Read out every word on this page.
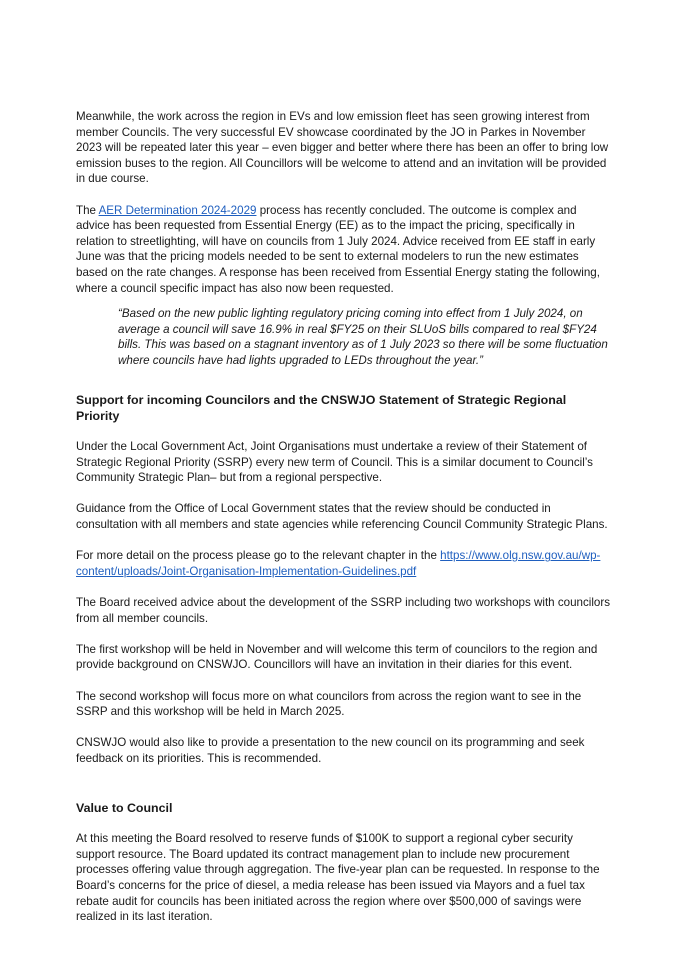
Meanwhile, the work across the region in EVs and low emission fleet has seen growing interest from member Councils. The very successful EV showcase coordinated by the JO in Parkes in November 2023 will be repeated later this year – even bigger and better where there has been an offer to bring low emission buses to the region. All Councillors will be welcome to attend and an invitation will be provided in due course.

The AER Determination 2024-2029 process has recently concluded. The outcome is complex and advice has been requested from Essential Energy (EE) as to the impact the pricing, specifically in relation to streetlighting, will have on councils from 1 July 2024. Advice received from EE staff in early June was that the pricing models needed to be sent to external modelers to run the new estimates based on the rate changes. A response has been received from Essential Energy stating the following, where a council specific impact has also now been requested.

“Based on the new public lighting regulatory pricing coming into effect from 1 July 2024, on average a council will save 16.9% in real $FY25 on their SLUoS bills compared to real $FY24 bills. This was based on a stagnant inventory as of 1 July 2023 so there will be some fluctuation where councils have had lights upgraded to LEDs throughout the year.”

Support for incoming Councilors and the CNSWJO Statement of Strategic Regional Priority

Under the Local Government Act, Joint Organisations must undertake a review of their Statement of Strategic Regional Priority (SSRP) every new term of Council. This is a similar document to Council’s Community Strategic Plan– but from a regional perspective.

Guidance from the Office of Local Government states that the review should be conducted in consultation with all members and state agencies while referencing Council Community Strategic Plans.

For more detail on the process please go to the relevant chapter in the https://www.olg.nsw.gov.au/wp-content/uploads/Joint-Organisation-Implementation-Guidelines.pdf

The Board received advice about the development of the SSRP including two workshops with councilors from all member councils.

The first workshop will be held in November and will welcome this term of councilors to the region and provide background on CNSWJO. Councillors will have an invitation in their diaries for this event.

The second workshop will focus more on what councilors from across the region want to see in the SSRP and this workshop will be held in March 2025.

CNSWJO would also like to provide a presentation to the new council on its programming and seek feedback on its priorities. This is recommended.

Value to Council

At this meeting the Board resolved to reserve funds of $100K to support a regional cyber security support resource. The Board updated its contract management plan to include new procurement processes offering value through aggregation. The five-year plan can be requested. In response to the Board’s concerns for the price of diesel, a media release has been issued via Mayors and a fuel tax rebate audit for councils has been initiated across the region where over $500,000 of savings were realized in its last iteration.
